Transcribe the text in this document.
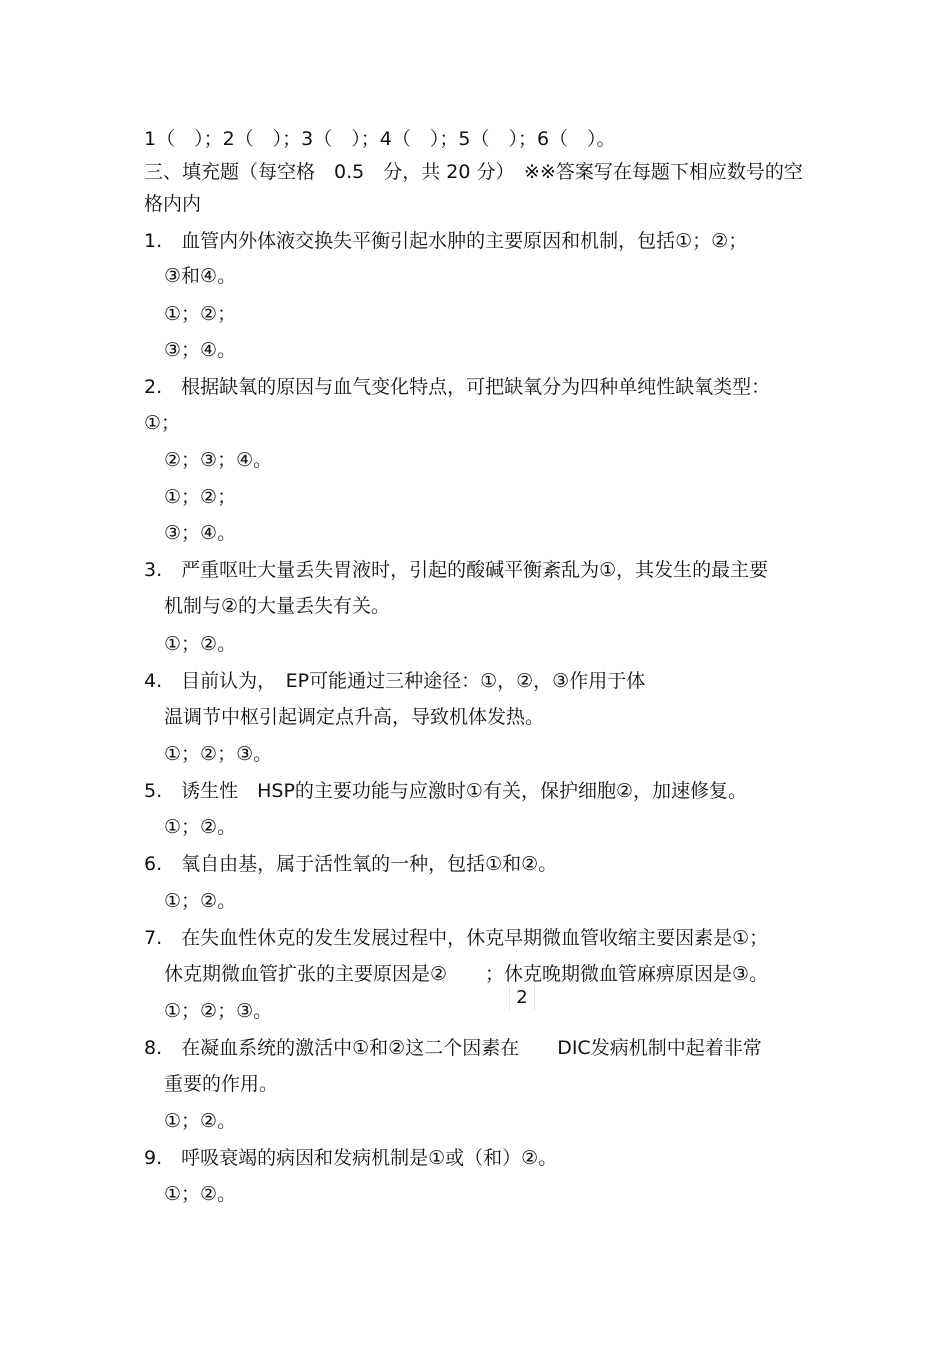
1（　）；2（　）；3（　）；4（　）；5（　）；6（　）。
三、填充题（每空格　0.5　分，共 20 分）　※※答案写在每题下相应数号的空
格内内
1.　血管内外体液交换失平衡引起水肿的主要原因和机制，包括①；②；
③和④。
①；②；
③；④。
2.　根据缺氧的原因与血气变化特点，可把缺氧分为四种单纯性缺氧类型：
①；
②；③；④。
①；②；
③；④。
3.　严重呕吐大量丢失胃液时，引起的酸碱平衡紊乱为①，其发生的最主要
机制与②的大量丢失有关。
①；②。
4.　目前认为，　EP可能通过三种途径：①，②，③作用于体
温调节中枢引起调定点升高，导致机体发热。
①；②；③。
5.　诱生性　HSP的主要功能与应激时①有关，保护细胞②，加速修复。
①；②。
6.　氧自由基，属于活性氧的一种，包括①和②。
①；②。
7.　在失血性休克的发生发展过程中，休克早期微血管收缩主要因素是①；
休克期微血管扩张的主要原因是②　　；休克晚期微血管麻痹原因是③。
①；②；③。
8.　在凝血系统的激活中①和②这二个因素在　　DIC发病机制中起着非常
重要的作用。
①；②。
9.　呼吸衰竭的病因和发病机制是①或（和）②。
①；②。
2
